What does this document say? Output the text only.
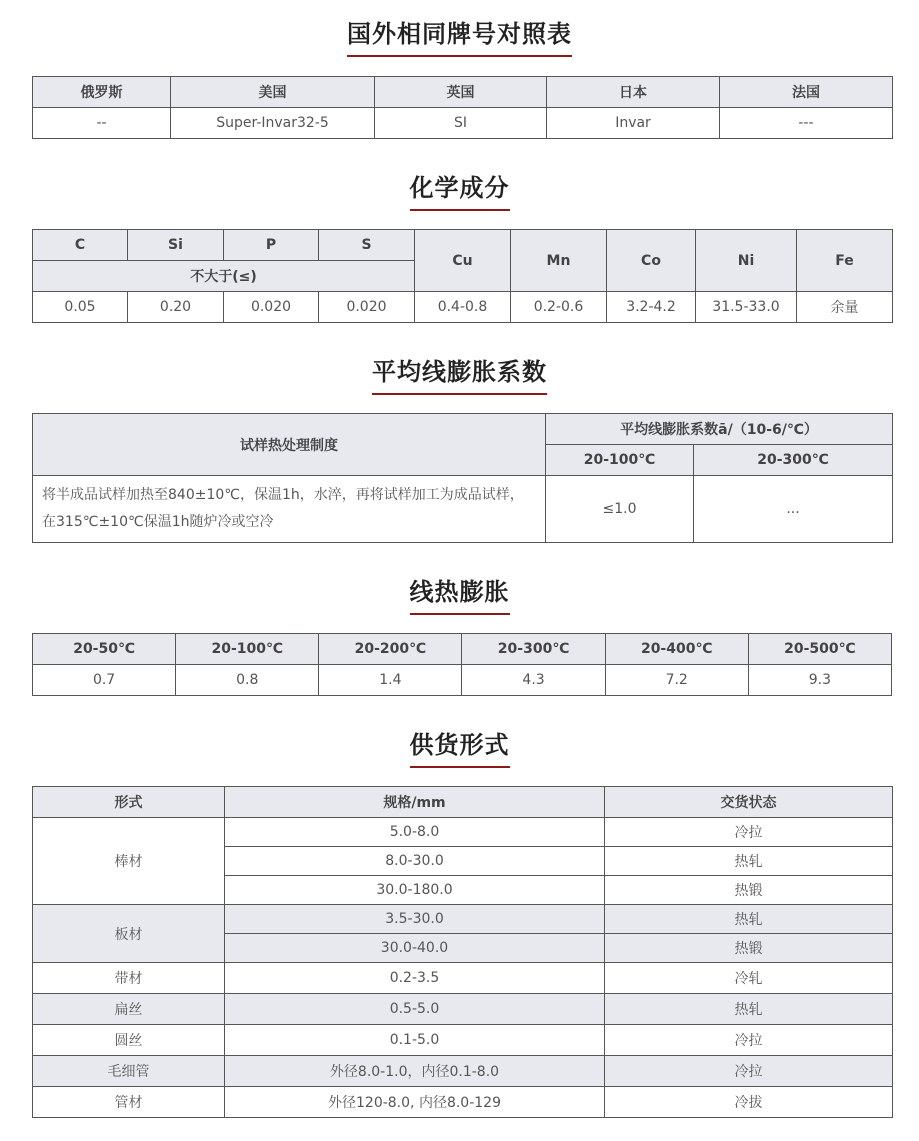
国外相同牌号对照表
俄罗斯	美国	英国	日本	法国
--	Super-Invar32-5	SI	Invar	---
化学成分
C	Si	P	S	Cu	Mn	Co	Ni	Fe
不大于(≤)								
0.05	0.20	0.020	0.020	0.4-0.8	0.2-0.6	3.2-4.2	31.5-33.0	余量
平均线膨胀系数
试样热处理制度	平均线膨胀系数ā/（10-6/℃）	
	20-100℃	20-300℃
将半成品试样加热至840±10℃，保温1h，水淬，再将试样加工为成品试样，在315℃±10℃保温1h随炉冷或空冷	≤1.0	...
线热膨胀
20-50℃	20-100℃	20-200℃	20-300℃	20-400℃	20-500℃
0.7	0.8	1.4	4.3	7.2	9.3
供货形式
形式	规格/mm	交货状态
棒材	5.0-8.0	冷拉
	8.0-30.0	热轧
	30.0-180.0	热锻
板材	3.5-30.0	热轧
	30.0-40.0	热锻
带材	0.2-3.5	冷轧
扁丝	0.5-5.0	热轧
圆丝	0.1-5.0	冷拉
毛细管	外径8.0-1.0，内径0.1-8.0	冷拉
管材	外径120-8.0, 内径8.0-129	冷拔
